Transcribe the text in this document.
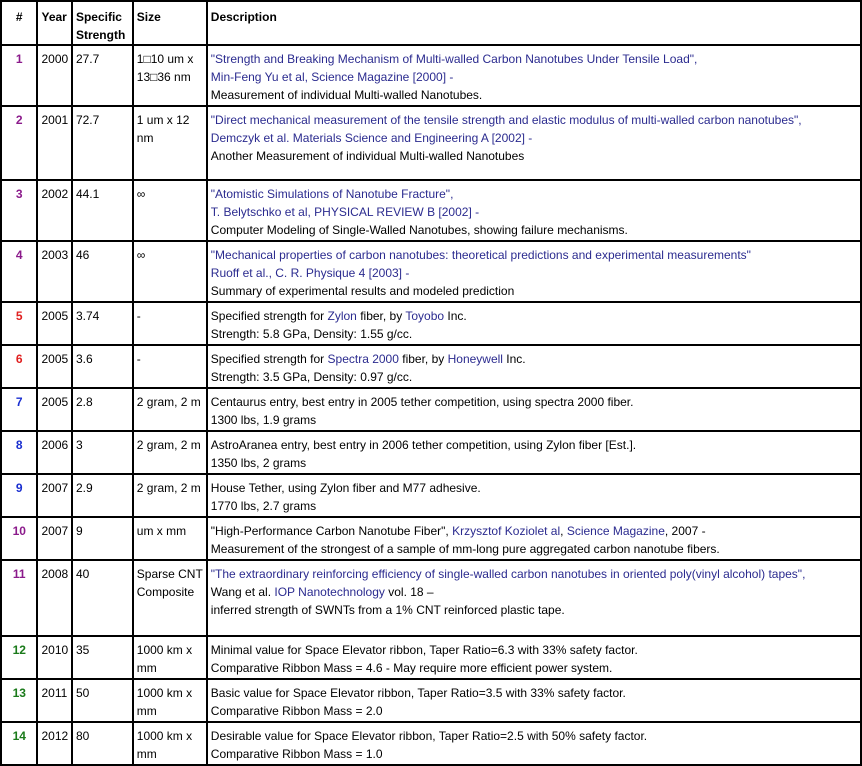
#	Year	Specific Strength	Size	Description
1	2000	27.7	1□10 um x 13□36 nm	"Strength and Breaking Mechanism of Multi-walled Carbon Nanotubes Under Tensile Load",
Min-Feng Yu et al, Science Magazine [2000] -
Measurement of individual Multi-walled Nanotubes.

2	2001	72.7	1 um x 12 nm	"Direct mechanical measurement of the tensile strength and elastic modulus of multi-walled carbon nanotubes",
Demczyk et al. Materials Science and Engineering A [2002] -
Another Measurement of individual Multi-walled Nanotubes

3	2002	44.1	∞	"Atomistic Simulations of Nanotube Fracture",
T. Belytschko et al, PHYSICAL REVIEW B [2002] -
Computer Modeling of Single-Walled Nanotubes, showing failure mechanisms.

4	2003	46	∞	"Mechanical properties of carbon nanotubes: theoretical predictions and experimental measurements"
Ruoff et al., C. R. Physique 4 [2003] -
Summary of experimental results and modeled prediction

5	2005	3.74	-	Specified strength for Zylon fiber, by Toyobo Inc.
Strength: 5.8 GPa, Density: 1.55 g/cc.

6	2005	3.6	-	Specified strength for Spectra 2000 fiber, by Honeywell Inc.
Strength: 3.5 GPa, Density: 0.97 g/cc.

7	2005	2.8	2 gram, 2 m	Centaurus entry, best entry in 2005 tether competition, using spectra 2000 fiber.
1300 lbs, 1.9 grams

8	2006	3	2 gram, 2 m	AstroAranea entry, best entry in 2006 tether competition, using Zylon fiber [Est.].
1350 lbs, 2 grams

9	2007	2.9	2 gram, 2 m	House Tether, using Zylon fiber and M77 adhesive.
1770 lbs, 2.7 grams

10	2007	9	um x mm	"High-Performance Carbon Nanotube Fiber", Krzysztof Koziolet al, Science Magazine, 2007 -
Measurement of the strongest of a sample of mm-long pure aggregated carbon nanotube fibers.

11	2008	40	Sparse CNT Composite	"The extraordinary reinforcing efficiency of single-walled carbon nanotubes in oriented poly(vinyl alcohol) tapes",
Wang et al. IOP Nanotechnology vol. 18 –
inferred strength of SWNTs from a 1% CNT reinforced plastic tape.

12	2010	35	1000 km x mm	Minimal value for Space Elevator ribbon, Taper Ratio=6.3 with 33% safety factor.
Comparative Ribbon Mass = 4.6 - May require more efficient power system.

13	2011	50	1000 km x mm	Basic value for Space Elevator ribbon, Taper Ratio=3.5 with 33% safety factor.
Comparative Ribbon Mass = 2.0

14	2012	80	1000 km x mm	Desirable value for Space Elevator ribbon, Taper Ratio=2.5 with 50% safety factor.
Comparative Ribbon Mass = 1.0
